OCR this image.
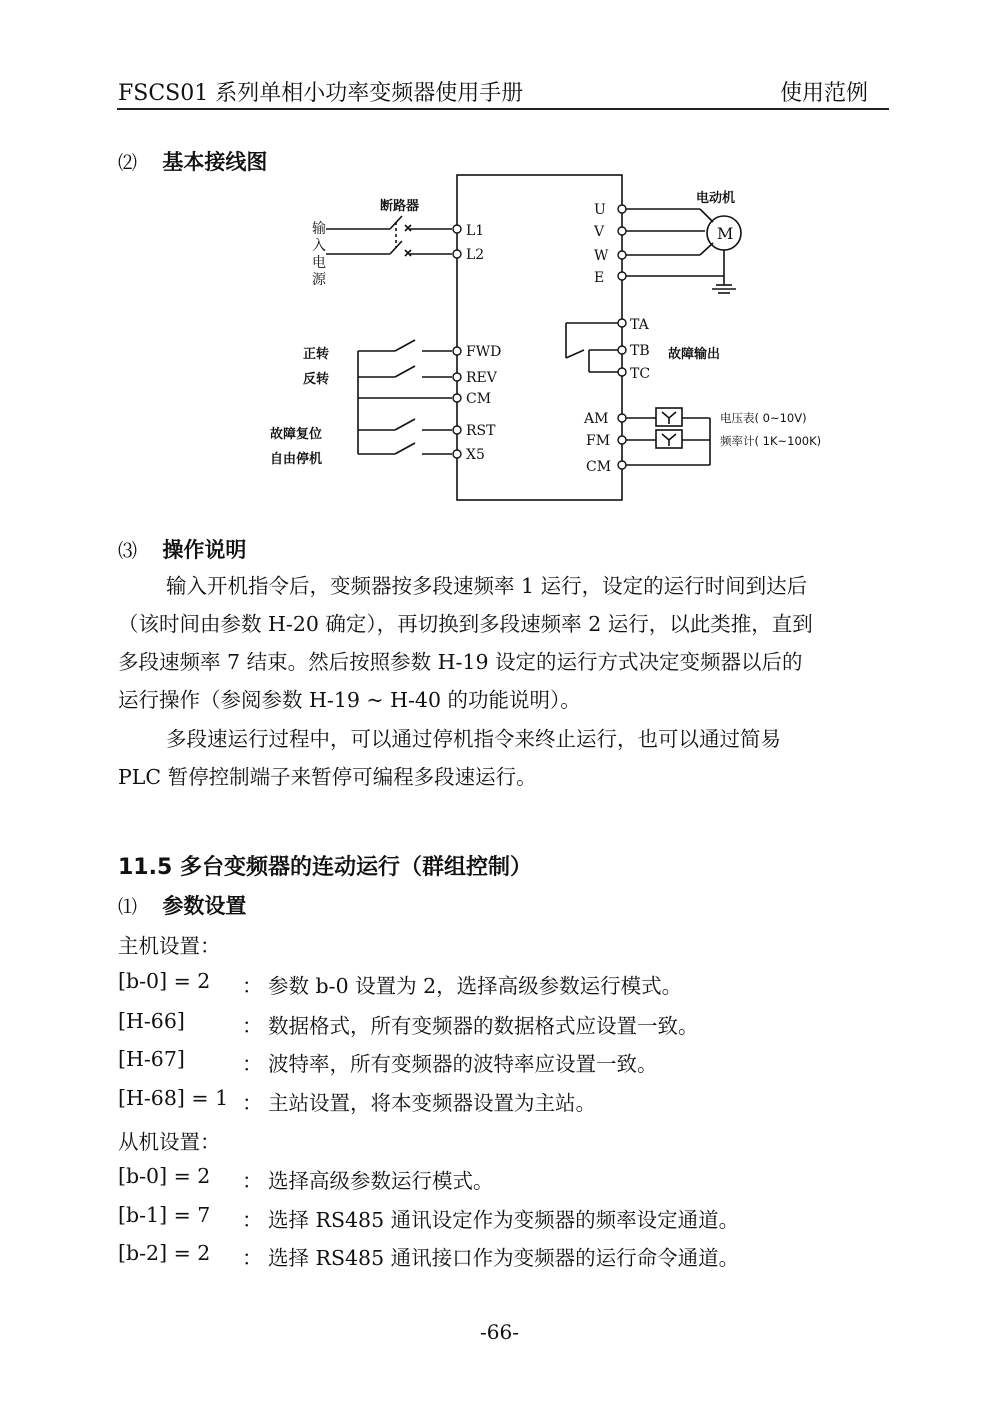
FSCS01 系列单相小功率变频器使用手册	使用范例
⑵ 基本接线图
断路器
输
入
电
源
L1
L2
FWD
REV
CM
RST
X5
U
V
W
E
AM
FM
CM
TA
TB
TC
电动机
M
故障输出
正转
反转
故障复位
自由停机
电压表( 0~10V)
频率计( 1K~100K)
⑶ 操作说明
输入开机指令后，变频器按多段速频率 1 运行，设定的运行时间到达后
（该时间由参数 H-20 确定），再切换到多段速频率 2 运行，以此类推，直到
多段速频率 7 结束。然后按照参数 H-19 设定的运行方式决定变频器以后的
运行操作（参阅参数 H-19 ~ H-40 的功能说明）。
多段速运行过程中，可以通过停机指令来终止运行，也可以通过简易
PLC 暂停控制端子来暂停可编程多段速运行。
11.5 多台变频器的连动运行（群组控制）
⑴ 参数设置
主机设置：
[b-0] = 2 ： 参数 b-0 设置为 2，选择高级参数运行模式。
[H-66]	： 数据格式，所有变频器的数据格式应设置一致。
[H-67]	： 波特率，所有变频器的波特率应设置一致。
[H-68] = 1 ： 主站设置，将本变频器设置为主站。
从机设置：
[b-0] = 2 ： 选择高级参数运行模式。
[b-1] = 7 ： 选择 RS485 通讯设定作为变频器的频率设定通道。
[b-2] = 2 ： 选择 RS485 通讯接口作为变频器的运行命令通道。
-66-
